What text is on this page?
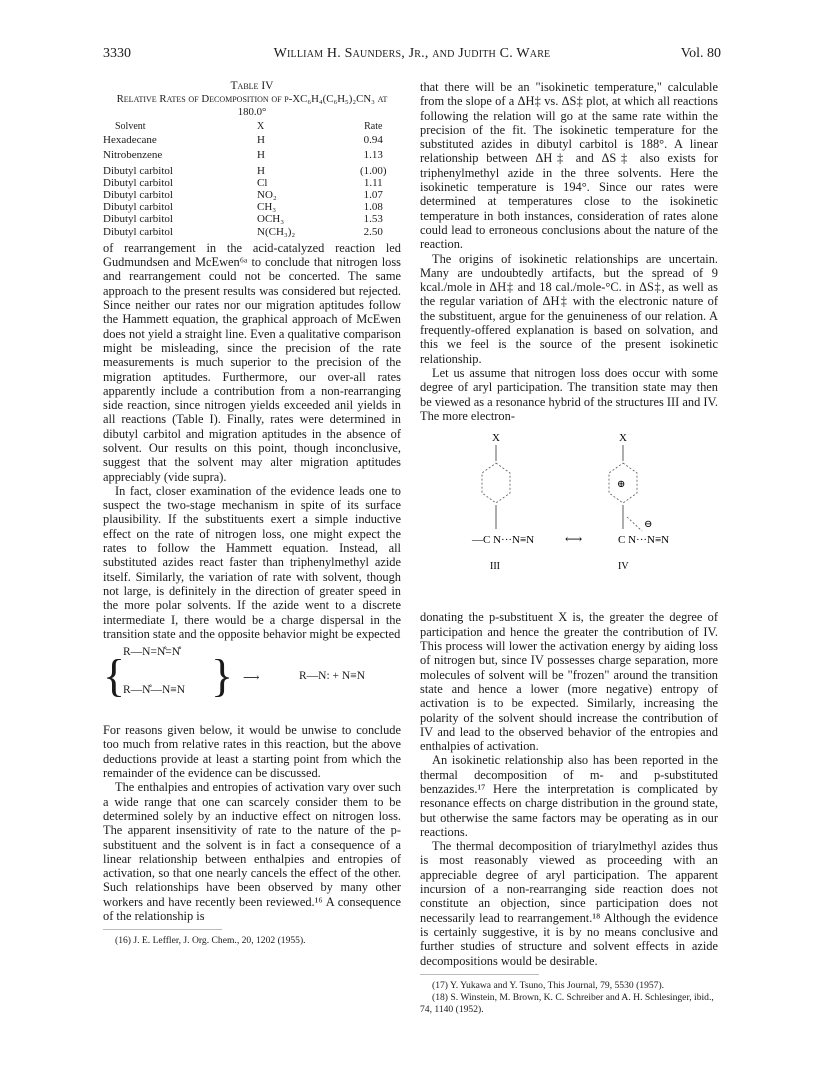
3330	William H. Saunders, Jr., and Judith C. Ware	Vol. 80
Table IV
Relative Rates of Decomposition of p-XC₆H₄(C₆H₅)₂CN₃ at 180.0°
Solvent	X	Rate
Hexadecane	H	0.94
Nitrobenzene	H	1.13
Dibutyl carbitol	H	(1.00)
Dibutyl carbitol	Cl	1.11
Dibutyl carbitol	NO₂	1.07
Dibutyl carbitol	CH₃	1.08
Dibutyl carbitol	OCH₃	1.53
Dibutyl carbitol	N(CH₃)₂	2.50

of rearrangement in the acid-catalyzed reaction led Gudmundsen and McEwen⁶ᵃ to conclude that nitrogen loss and rearrangement could not be concerted. The same approach to the present results was considered but rejected. Since neither our rates nor our migration aptitudes follow the Hammett equation, the graphical approach of McEwen does not yield a straight line. Even a qualitative comparison might be misleading, since the precision of the rate measurements is much superior to the precision of the migration aptitudes. Furthermore, our over-all rates apparently include a contribution from a non-rearranging side reaction, since nitrogen yields exceeded anil yields in all reactions (Table I). Finally, rates were determined in dibutyl carbitol and migration aptitudes in the absence of solvent. Our results on this point, though inconclusive, suggest that the solvent may alter migration aptitudes appreciably (vide supra).

In fact, closer examination of the evidence leads one to suspect the two-stage mechanism in spite of its surface plausibility. If the substituents exert a simple inductive effect on the rate of nitrogen loss, one might expect the rates to follow the Hammett equation. Instead, all substituted azides react faster than triphenylmethyl azide itself. Similarly, the variation of rate with solvent, though not large, is definitely in the direction of greater speed in the more polar solvents. If the azide went to a discrete intermediate I, there would be a charge dispersal in the transition state and the opposite behavior might be expected

{
R—N=N̊=N̊
R—N̊—N≡N } ⟶	R—N: + N≡N

For reasons given below, it would be unwise to conclude too much from relative rates in this reaction, but the above deductions provide at least a starting point from which the remainder of the evidence can be discussed.

The enthalpies and entropies of activation vary over such a wide range that one can scarcely consider them to be determined solely by an inductive effect on nitrogen loss. The apparent insensitivity of rate to the nature of the p-substituent and the solvent is in fact a consequence of a linear relationship between enthalpies and entropies of activation, so that one nearly cancels the effect of the other. Such relationships have been observed by many other workers and have recently been reviewed.¹⁶ A consequence of the relationship is

(16) J. E. Leffler, J. Org. Chem., 20, 1202 (1955).

that there will be an "isokinetic temperature," calculable from the slope of a ΔH‡ vs. ΔS‡ plot, at which all reactions following the relation will go at the same rate within the precision of the fit. The isokinetic temperature for the substituted azides in dibutyl carbitol is 188°. A linear relationship between ΔH‡ and ΔS‡ also exists for triphenylmethyl azide in the three solvents. Here the isokinetic temperature is 194°. Since our rates were determined at temperatures close to the isokinetic temperature in both instances, consideration of rates alone could lead to erroneous conclusions about the nature of the reaction.

The origins of isokinetic relationships are uncertain. Many are undoubtedly artifacts, but the spread of 9 kcal./mole in ΔH‡ and 18 cal./mole-°C. in ΔS‡, as well as the regular variation of ΔH‡ with the electronic nature of the substituent, argue for the genuineness of our relation. A frequently-offered explanation is based on solvation, and this we feel is the source of the present isokinetic relationship.

Let us assume that nitrogen loss does occur with some degree of aryl participation. The transition state may then be viewed as a resonance hybrid of the structures III and IV. The more electron-

X
—C N···N≡N	⟷
X
⊕
⊖
C N···N≡N
III	IV

donating the p-substituent X is, the greater the degree of participation and hence the greater the contribution of IV. This process will lower the activation energy by aiding loss of nitrogen but, since IV possesses charge separation, more molecules of solvent will be "frozen" around the transition state and hence a lower (more negative) entropy of activation is to be expected. Similarly, increasing the polarity of the solvent should increase the contribution of IV and lead to the observed behavior of the entropies and enthalpies of activation.

An isokinetic relationship also has been reported in the thermal decomposition of m- and p-substituted benzazides.¹⁷ Here the interpretation is complicated by resonance effects on charge distribution in the ground state, but otherwise the same factors may be operating as in our reactions.

The thermal decomposition of triarylmethyl azides thus is most reasonably viewed as proceeding with an appreciable degree of aryl participation. The apparent incursion of a non-rearranging side reaction does not constitute an objection, since participation does not necessarily lead to rearrangement.¹⁸ Although the evidence is certainly suggestive, it is by no means conclusive and further studies of structure and solvent effects in azide decompositions would be desirable.

(17) Y. Yukawa and Y. Tsuno, This Journal, 79, 5530 (1957).
(18) S. Winstein, M. Brown, K. C. Schreiber and A. H. Schlesinger, ibid., 74, 1140 (1952).
